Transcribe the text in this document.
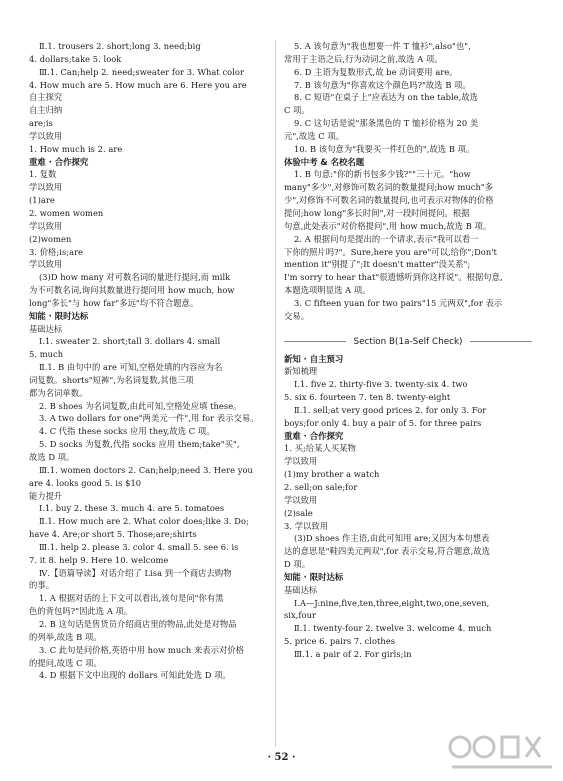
Ⅱ.1. trousers 2. short;long 3. need;big
4. dollars;take 5. look
Ⅲ.1. Can;help 2. need;sweater for 3. What color
4. How much are 5. How much are 6. Here you are
自主探究
自主归纳
are;is
学以致用
1. How much is 2. are
重难 · 合作探究
1. 复数
学以致用
(1)are
2. women women
学以致用
(2)women
3. 价格;is;are
学以致用
(3)D how many 对可数名词的量进行提问,而 milk
为不可数名词,询问其数量进行提问用 how much, how
long"多长"与 how far"多远"均不符合题意。
知能 · 限时达标
基础达标
Ⅰ.1. sweater 2. short;tall 3. dollars 4. small
5. much
Ⅱ.1. B 由句中的 are 可知,空格处填的内容应为名
词复数。shorts"短裤",为名词复数,其他三项
都为名词单数。
2. B shoes 为名词复数,由此可知,空格处应填 these。
3. A two dollars for one"两美元一件",用 for 表示交易。
4. C 代指 these socks 应用 they,故选 C 项。
5. D socks 为复数,代指 socks 应用 them;take"买",
故选 D 项。
Ⅲ.1. women doctors 2. Can;help;need 3. Here you
are 4. looks good 5. is $10
能力提升
Ⅰ.1. buy 2. these 3. much 4. are 5. tomatoes
Ⅱ.1. How much are 2. What color does;like 3. Do;
have 4. Are;or short 5. Those;are;shirts
Ⅲ.1. help 2. please 3. color 4. small 5. see 6. is
7. it 8. help 9. Here 10. welcome
Ⅳ.【语篇导读】对话介绍了 Lisa 到一个商店去购物
的事。
1. A 根据对话的上下文可以看出,该句是问"你有黑
色的背包吗?"因此选 A 项。
2. B 这句话是售货员介绍商店里的物品,此处是对物品
的列举,故选 B 项。
3. C 此句是问价格,英语中用 how much 来表示对价格
的提问,故选 C 项。
4. D 根据下文中出现的 dollars 可知此处选 D 项。
5. A 该句意为"我也想要一件 T 恤衫",also"也",
常用于主语之后,行为动词之前,故选 A 项。
6. D 主语为复数形式,故 be 动词要用 are。
7. B 该句意为"你喜欢这个颜色吗?"故选 B 项。
8. C 短语"在桌子上"应表达为 on the table,故选
C 项。
9. C 这句话是说"那条黑色的 T 恤衫价格为 20 美
元",故选 C 项。
10. B 该句意为"我要买一件红色的",故选 B 项。
体验中考 & 名校名题
1. B 句意:"你的新书包多少钱?""三十元。"how
many"多少",对修饰可数名词的数量提问;how much"多
少",对修饰不可数名词的数量提问,也可表示对物体的价格
提问;how long"多长时间",对一段时间提问。根据
句意,此处表示"对价格提问",用 how much,故选 B 项。
2. A 根据问句是提出的一个请求,表示"我可以看一
下你的照片吗?"。Sure,here you are"可以,给你";Don't
mention it"别提了";It doesn't matter"没关系";
I'm sorry to hear that"很遗憾听到你这样说"。根据句意,
本题选项明显选 A 项。
3. C fifteen yuan for two pairs"15 元两双",for 表示
交易。
Section B(1a-Self Check)
新知 · 自主预习
新知梳理
Ⅰ.1. five 2. thirty-five 3. twenty-six 4. two
5. six 6. fourteen 7. ten 8. twenty-eight
Ⅱ.1. sell;at very good prices 2. for only 3. For
boys;for only 4. buy a pair of 5. for three pairs
重难 · 合作探究
1. 买;给某人买某物
学以致用
(1)my brother a watch
2. sell;on sale;for
学以致用
(2)sale
3. 学以致用
(3)D shoes 作主语,由此可知用 are;又因为本句想表
达的意思是"鞋四美元两双",for 表示交易,符合题意,故选
D 项。
知能 · 限时达标
基础达标
Ⅰ.A—J:nine,five,ten,three,eight,two,one,seven,
six,four
Ⅱ.1. twenty-four 2. twelve 3. welcome 4. much
5. price 6. pairs 7. clothes
Ⅲ.1. a pair of 2. For girls;in
· 52 ·
